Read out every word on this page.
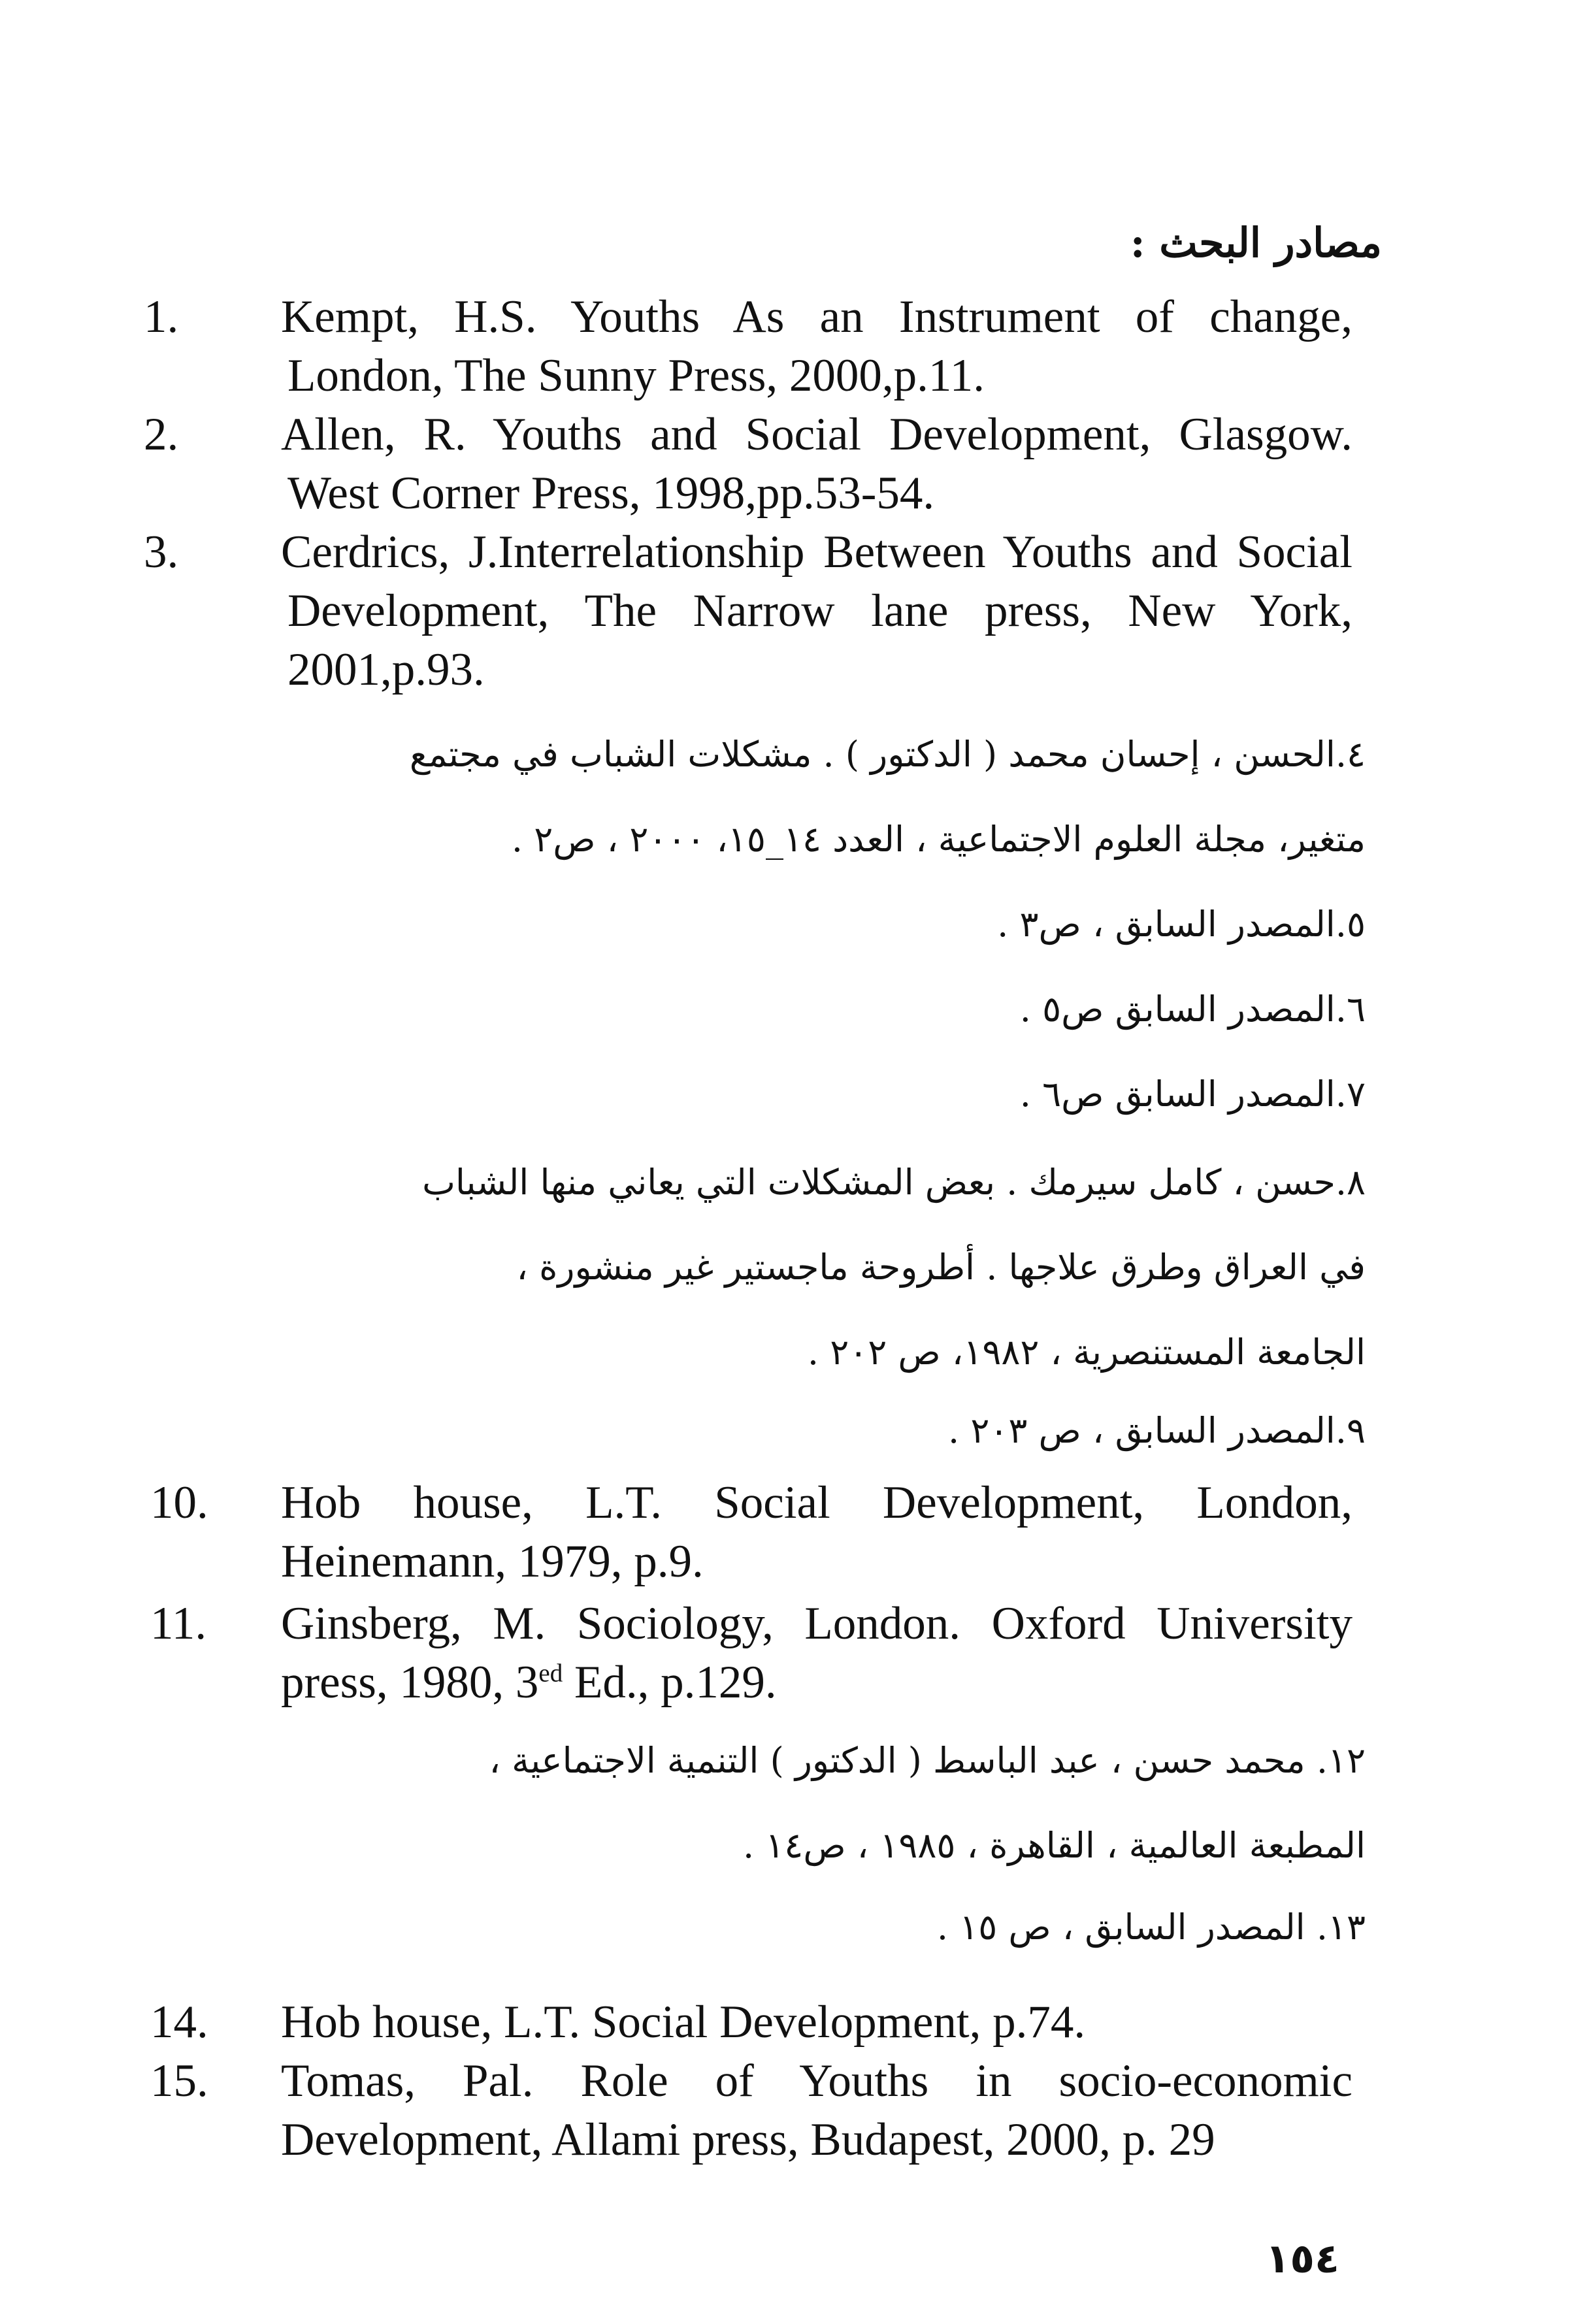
مصادر البحث :
1. Kempt, H.S. Youths As an Instrument of change, London, The Sunny Press, 2000,p.11.
2. Allen, R. Youths and Social Development, Glasgow. West Corner Press, 1998,pp.53-54.
3. Cerdrics, J.Interrelationship Between Youths and Social Development, The Narrow lane press, New York, 2001,p.93.
٤.الحسن ، إحسان محمد ( الدكتور ) . مشكلات الشباب في مجتمع
متغير، مجلة العلوم الاجتماعية ، العدد ١٤_١٥، ٢٠٠٠ ، ص٢ .
٥.المصدر السابق ، ص٣ .
٦.المصدر السابق ص٥ .
٧.المصدر السابق ص٦ .
٨.حسن ، كامل سيرمك . بعض المشكلات التي يعاني منها الشباب
في العراق وطرق علاجها . أطروحة ماجستير غير منشورة ،
الجامعة المستنصرية ، ١٩٨٢، ص ٢٠٢ .
٩.المصدر السابق ، ص ٢٠٣ .
10. Hob house, L.T. Social Development, London, Heinemann, 1979, p.9.
11. Ginsberg, M. Sociology, London. Oxford University press, 1980, $3^{ed}$ Ed., p.129.
١٢. محمد حسن ، عبد الباسط ( الدكتور ) التنمية الاجتماعية ،
المطبعة العالمية ، القاهرة ، ١٩٨٥ ، ص١٤ .
١٣. المصدر السابق ، ص ١٥ .
14. Hob house, L.T. Social Development, p.74.
15. Tomas, Pal. Role of Youths in socio-economic Development, Allami press, Budapest, 2000, p. 29
١٥٤
